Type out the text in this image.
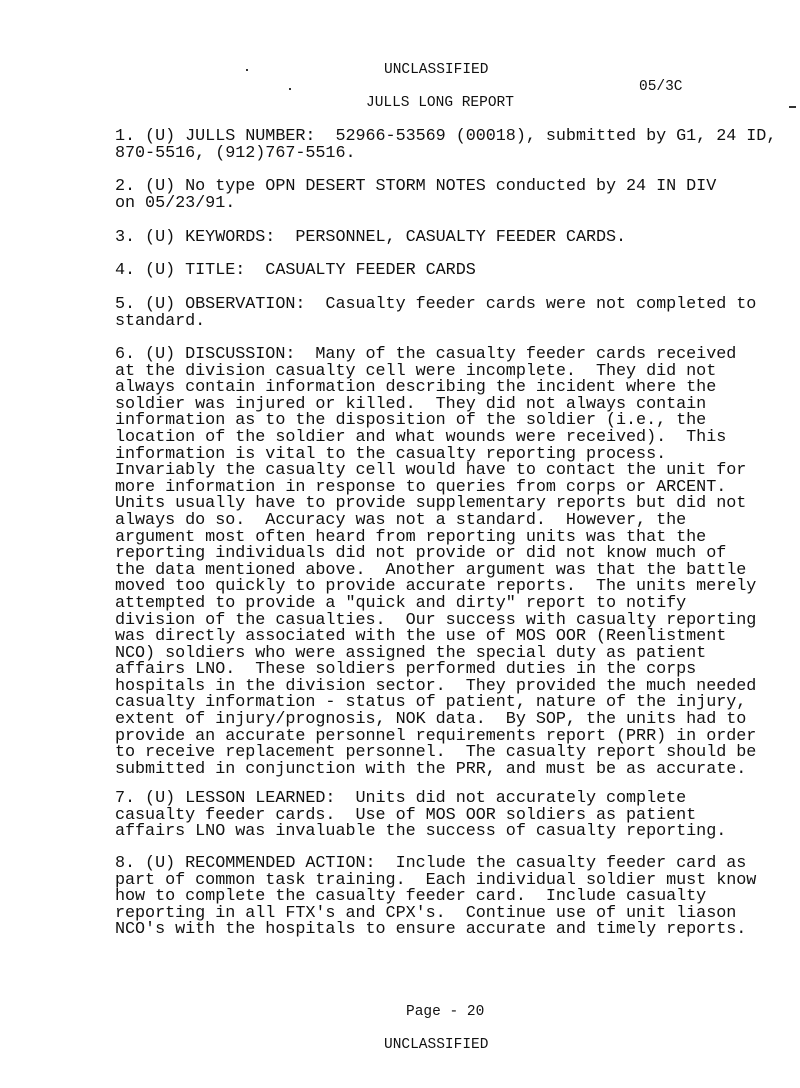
UNCLASSIFIED
05/3C
JULLS LONG REPORT
1. (U) JULLS NUMBER:  52966-53569 (00018), submitted by G1, 24 ID,
870-5516, (912)767-5516.
2. (U) No type OPN DESERT STORM NOTES conducted by 24 IN DIV
on 05/23/91.
3. (U) KEYWORDS:  PERSONNEL, CASUALTY FEEDER CARDS.
4. (U) TITLE:  CASUALTY FEEDER CARDS
5. (U) OBSERVATION:  Casualty feeder cards were not completed to
standard.
6. (U) DISCUSSION:  Many of the casualty feeder cards received
at the division casualty cell were incomplete.  They did not
always contain information describing the incident where the
soldier was injured or killed.  They did not always contain
information as to the disposition of the soldier (i.e., the
location of the soldier and what wounds were received).  This
information is vital to the casualty reporting process.
Invariably the casualty cell would have to contact the unit for
more information in response to queries from corps or ARCENT.
Units usually have to provide supplementary reports but did not
always do so.  Accuracy was not a standard.  However, the
argument most often heard from reporting units was that the
reporting individuals did not provide or did not know much of
the data mentioned above.  Another argument was that the battle
moved too quickly to provide accurate reports.  The units merely
attempted to provide a "quick and dirty" report to notify
division of the casualties.  Our success with casualty reporting
was directly associated with the use of MOS OOR (Reenlistment
NCO) soldiers who were assigned the special duty as patient
affairs LNO.  These soldiers performed duties in the corps
hospitals in the division sector.  They provided the much needed
casualty information - status of patient, nature of the injury,
extent of injury/prognosis, NOK data.  By SOP, the units had to
provide an accurate personnel requirements report (PRR) in order
to receive replacement personnel.  The casualty report should be
submitted in conjunction with the PRR, and must be as accurate.
7. (U) LESSON LEARNED:  Units did not accurately complete
casualty feeder cards.  Use of MOS OOR soldiers as patient
affairs LNO was invaluable the success of casualty reporting.
8. (U) RECOMMENDED ACTION:  Include the casualty feeder card as
part of common task training.  Each individual soldier must know
how to complete the casualty feeder card.  Include casualty
reporting in all FTX's and CPX's.  Continue use of unit liason
NCO's with the hospitals to ensure accurate and timely reports.
Page - 20
UNCLASSIFIED
